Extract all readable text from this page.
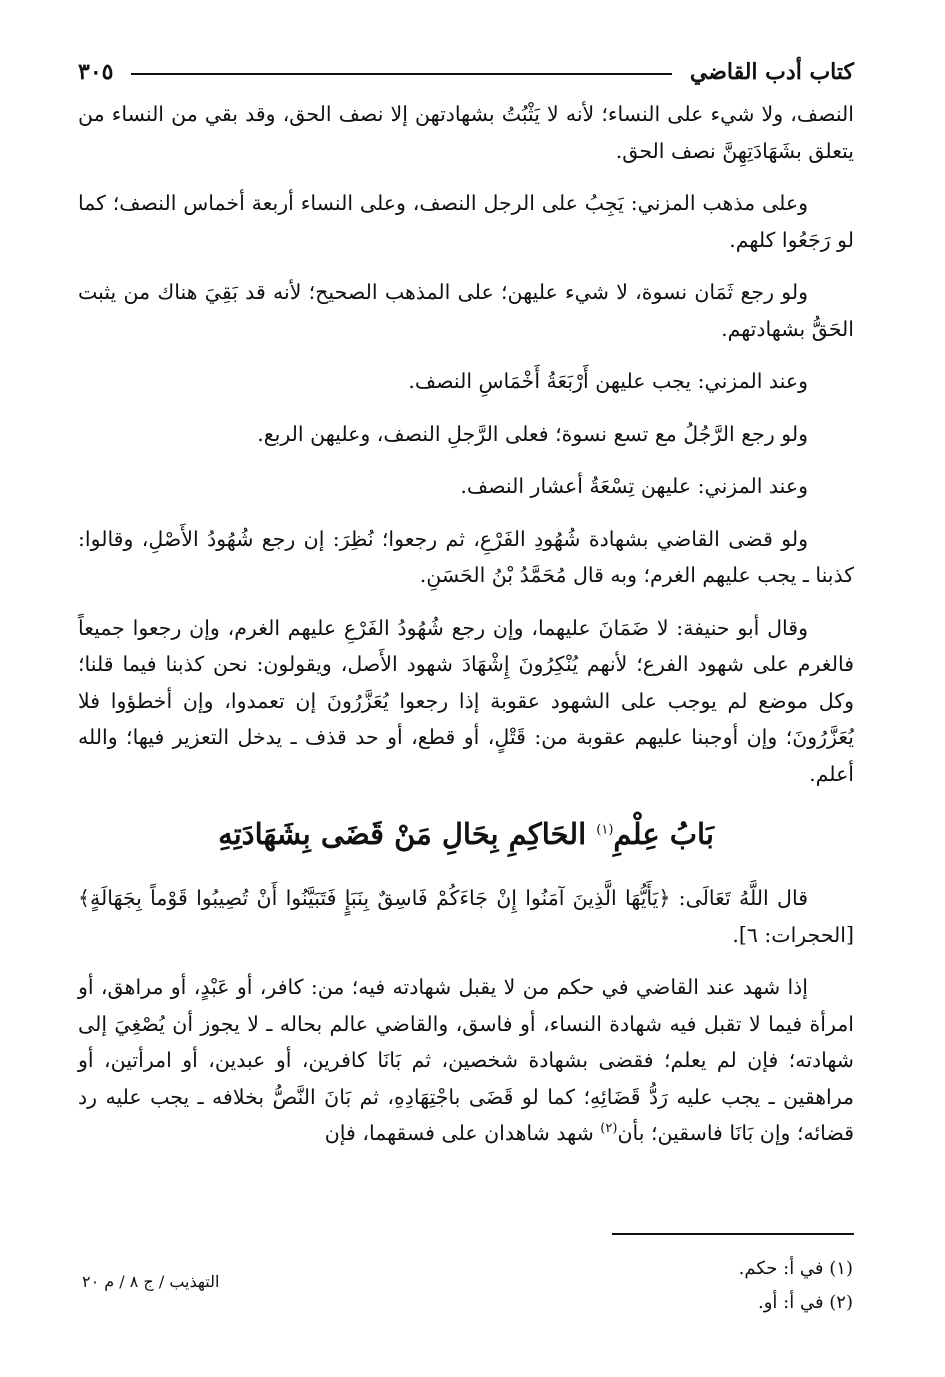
كتاب أدب القاضي
٣٠٥

النصف، ولا شيء على النساء؛ لأنه لا يَثْبُتُ بشهادتهن إلا نصف الحق، وقد بقي من النساء من يتعلق بشَهَادَتِهِنَّ نصف الحق.

وعلى مذهب المزني: يَجِبُ على الرجل النصف، وعلى النساء أربعة أخماس النصف؛ كما لو رَجَعُوا كلهم.

ولو رجع ثَمَان نسوة، لا شيء عليهن؛ على المذهب الصحيح؛ لأنه قد بَقِيَ هناك من يثبت الحَقُّ بشهادتهم.

وعند المزني: يجب عليهن أَرْبَعَةُ أَخْمَاسِ النصف.

ولو رجع الرَّجُلُ مع تسع نسوة؛ فعلى الرَّجلِ النصف، وعليهن الربع.

وعند المزني: عليهن تِسْعَةُ أعشار النصف.

ولو قضى القاضي بشهادة شُهُودِ الفَرْعِ، ثم رجعوا؛ نُظِرَ: إن رجع شُهُودُ الأَصْلِ، وقالوا: كذبنا ـ يجب عليهم الغرم؛ وبه قال مُحَمَّدُ بْنُ الحَسَنِ.

وقال أبو حنيفة: لا ضَمَانَ عليهما، وإن رجع شُهُودُ الفَرْعِ عليهم الغرم، وإن رجعوا جميعاً فالغرم على شهود الفرع؛ لأنهم يُنْكِرُونَ إِشْهَادَ شهود الأَصل، ويقولون: نحن كذبنا فيما قلنا؛ وكل موضع لم يوجب على الشهود عقوبة إذا رجعوا يُعَزَّرُونَ إن تعمدوا، وإن أخطؤوا فلا يُعَزَّرُونَ؛ وإن أوجبنا عليهم عقوبة من: قَتْلٍ، أو قطع، أو حد قذف ـ يدخل التعزير فيها؛ والله أعلم.

بَابُ عِلْمِ$^{(١)}$ الحَاكِمِ بِحَالِ مَنْ قَضَى بِشَهَادَتِهِ

قال اللَّهُ تَعَالَى: ﴿يَأَيُّهَا الَّذِينَ آمَنُوا إِنْ جَاءَكُمْ فَاسِقٌ بِنَبَإٍ فَتَبَيَّنُوا أَنْ تُصِيبُوا قَوْماً بِجَهَالَةٍ﴾ [الحجرات: ٦].

إذا شهد عند القاضي في حكم من لا يقبل شهادته فيه؛ من: كافر، أو عَبْدٍ، أو مراهق، أو امرأة فيما لا تقبل فيه شهادة النساء، أو فاسق، والقاضي عالم بحاله ـ لا يجوز أن يُصْغِيَ إلى شهادته؛ فإن لم يعلم؛ فقضى بشهادة شخصين، ثم بَانَا كافرين، أو عبدين، أو امرأتين، أو مراهقين ـ يجب عليه رَدُّ قَضَائِهِ؛ كما لو قَضَى باجْتِهَادِهِ، ثم بَانَ النَّصُّ بخلافه ـ يجب عليه رد قضائه؛ وإن بَانَا فاسقين؛ بأن$^{(٢)}$ شهد شاهدان على فسقهما، فإن

(١) في أ: حكم.
(٢) في أ: أو.
التهذيب / ج ٨ / م ٢٠
